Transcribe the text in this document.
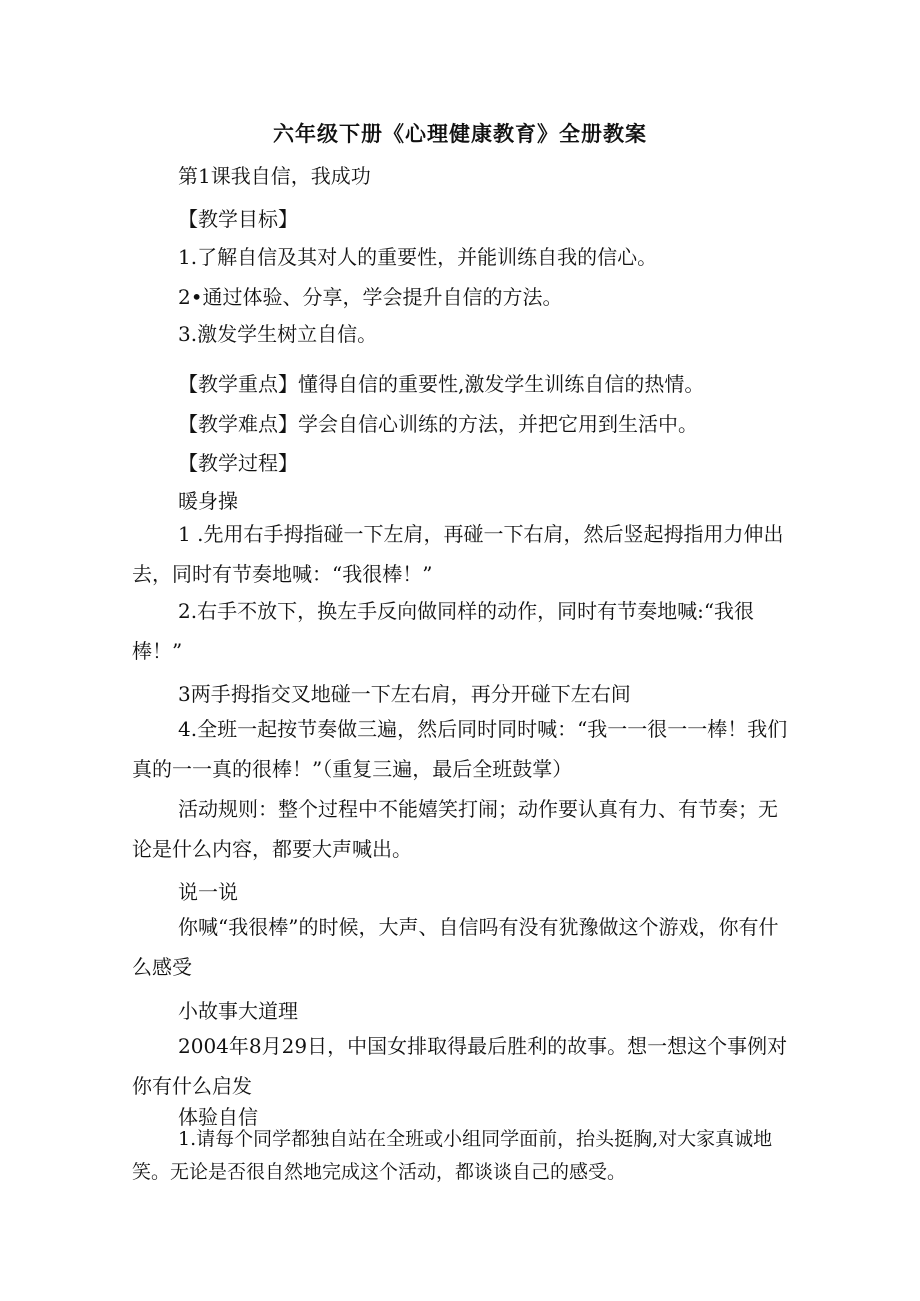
六年级下册《心理健康教育》全册教案
第1课我自信，我成功
【教学目标】
1.了解自信及其对人的重要性，并能训练自我的信心。
2•通过体验、分享，学会提升自信的方法。
3.激发学生树立自信。
【教学重点】懂得自信的重要性,激发学生训练自信的热情。
【教学难点】学会自信心训练的方法，并把它用到生活中。
【教学过程】
暖身操
1 .先用右手拇指碰一下左肩，再碰一下右肩，然后竖起拇指用力伸出去，同时有节奏地喊：“我很棒！”
2.右手不放下，换左手反向做同样的动作，同时有节奏地喊:“我很棒！”
3两手拇指交叉地碰一下左右肩，再分开碰下左右间
4.全班一起按节奏做三遍，然后同时同时喊：“我一一很一一棒！我们真的一一真的很棒！”（重复三遍，最后全班鼓掌）
活动规则：整个过程中不能嬉笑打闹；动作要认真有力、有节奏；无论是什么内容，都要大声喊出。
说一说
你喊“我很棒”的时候，大声、自信吗有没有犹豫做这个游戏，你有什么感受
小故事大道理
2004年8月29日，中国女排取得最后胜利的故事。想一想这个事例对你有什么启发
体验自信
1.请每个同学都独自站在全班或小组同学面前，抬头挺胸,对大家真诚地笑。无论是否很自然地完成这个活动，都谈谈自己的感受。
